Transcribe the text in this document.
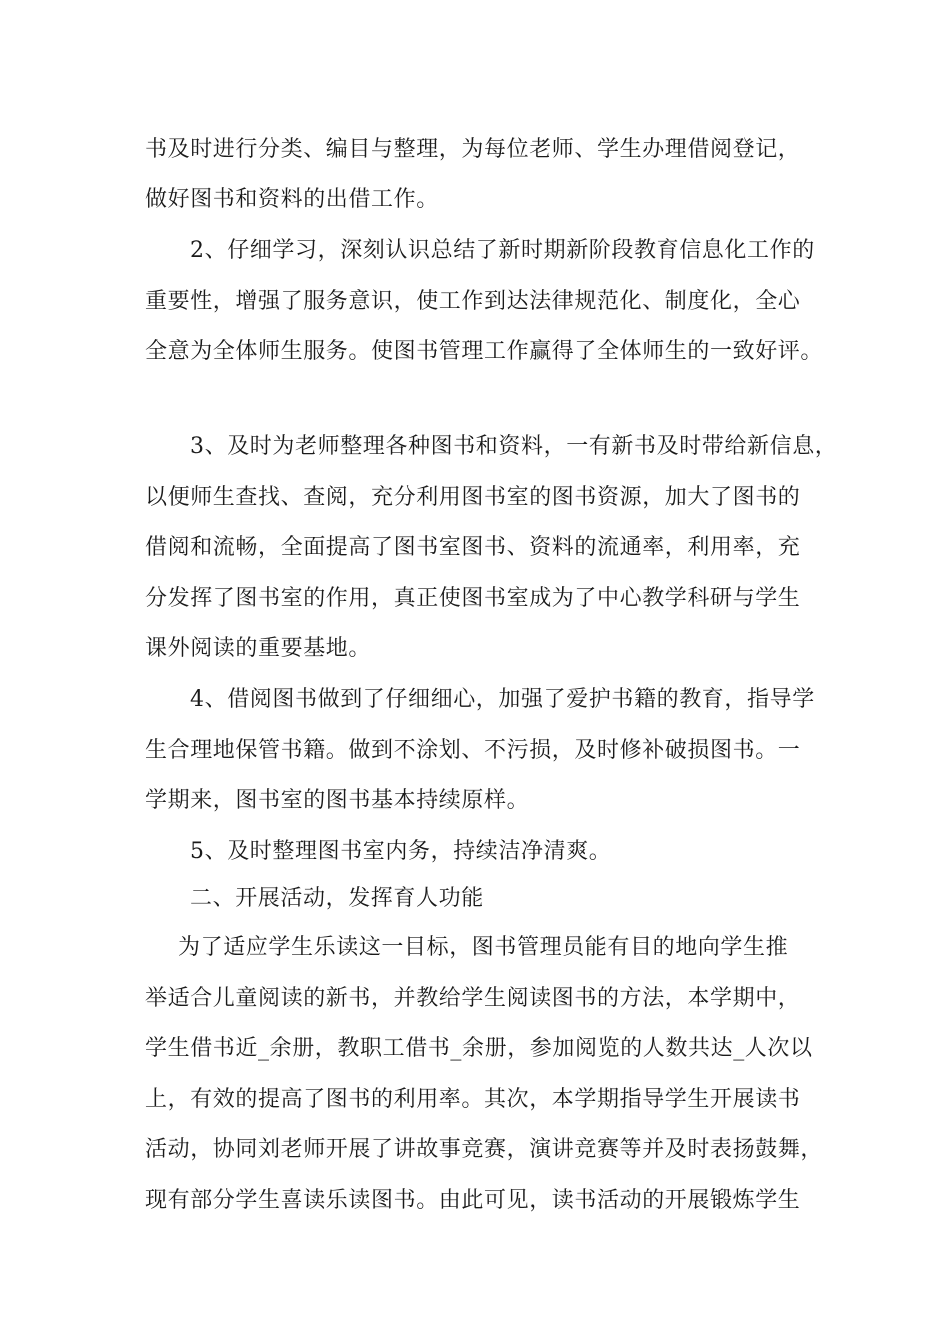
书及时进行分类、编目与整理，为每位老师、学生办理借阅登记，
做好图书和资料的出借工作。
2、仔细学习，深刻认识总结了新时期新阶段教育信息化工作的
重要性，增强了服务意识，使工作到达法律规范化、制度化，全心
全意为全体师生服务。使图书管理工作赢得了全体师生的一致好评。
3、及时为老师整理各种图书和资料，一有新书及时带给新信息，
以便师生查找、查阅，充分利用图书室的图书资源，加大了图书的
借阅和流畅，全面提高了图书室图书、资料的流通率，利用率，充
分发挥了图书室的作用，真正使图书室成为了中心教学科研与学生
课外阅读的重要基地。
4、借阅图书做到了仔细细心，加强了爱护书籍的教育，指导学
生合理地保管书籍。做到不涂划、不污损，及时修补破损图书。一
学期来，图书室的图书基本持续原样。
5、及时整理图书室内务，持续洁净清爽。
二、开展活动，发挥育人功能
为了适应学生乐读这一目标，图书管理员能有目的地向学生推
举适合儿童阅读的新书，并教给学生阅读图书的方法，本学期中，
学生借书近_余册，教职工借书_余册，参加阅览的人数共达_人次以
上，有效的提高了图书的利用率。其次，本学期指导学生开展读书
活动，协同刘老师开展了讲故事竞赛，演讲竞赛等并及时表扬鼓舞，
现有部分学生喜读乐读图书。由此可见，读书活动的开展锻炼学生
